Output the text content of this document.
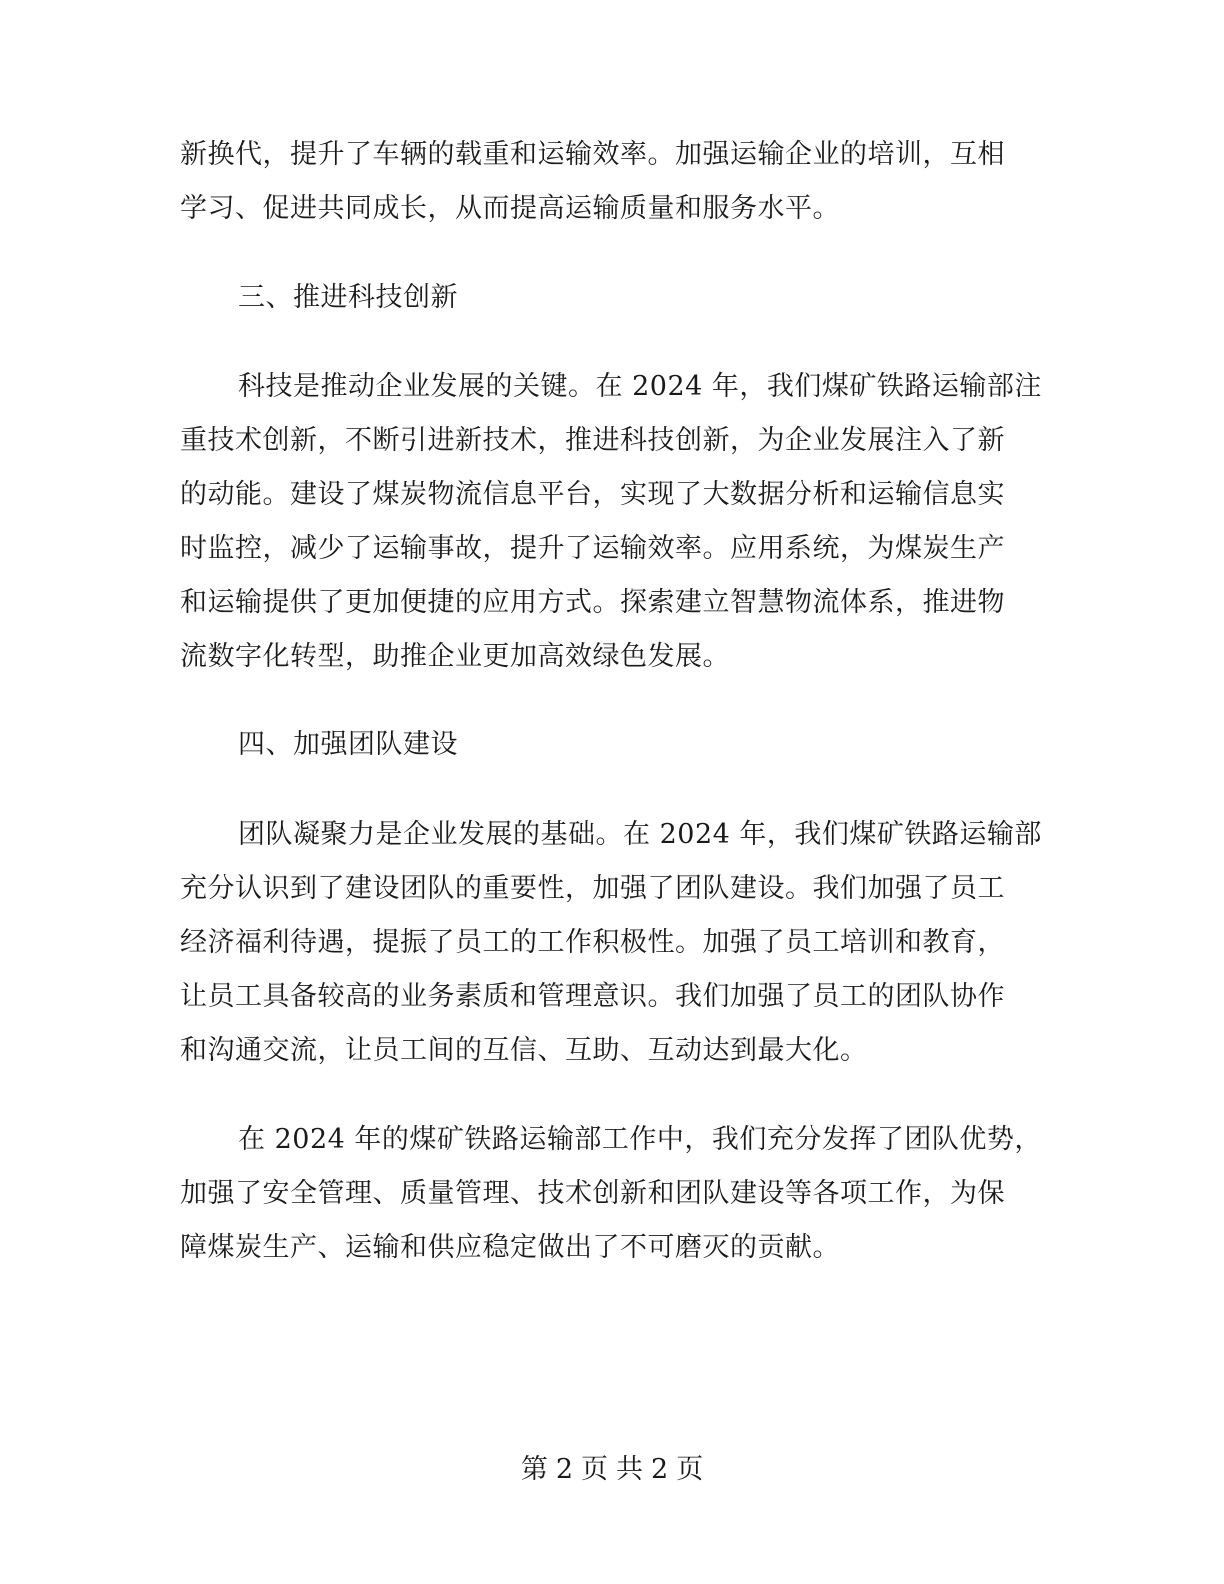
新换代，提升了车辆的载重和运输效率。加强运输企业的培训，互相
学习、促进共同成长，从而提高运输质量和服务水平。
三、推进科技创新
科技是推动企业发展的关键。在 2024 年，我们煤矿铁路运输部注
重技术创新，不断引进新技术，推进科技创新，为企业发展注入了新
的动能。建设了煤炭物流信息平台，实现了大数据分析和运输信息实
时监控，减少了运输事故，提升了运输效率。应用系统，为煤炭生产
和运输提供了更加便捷的应用方式。探索建立智慧物流体系，推进物
流数字化转型，助推企业更加高效绿色发展。
四、加强团队建设
团队凝聚力是企业发展的基础。在 2024 年，我们煤矿铁路运输部
充分认识到了建设团队的重要性，加强了团队建设。我们加强了员工
经济福利待遇，提振了员工的工作积极性。加强了员工培训和教育，
让员工具备较高的业务素质和管理意识。我们加强了员工的团队协作
和沟通交流，让员工间的互信、互助、互动达到最大化。
在 2024 年的煤矿铁路运输部工作中，我们充分发挥了团队优势，
加强了安全管理、质量管理、技术创新和团队建设等各项工作，为保
障煤炭生产、运输和供应稳定做出了不可磨灭的贡献。
第 2 页 共 2 页
